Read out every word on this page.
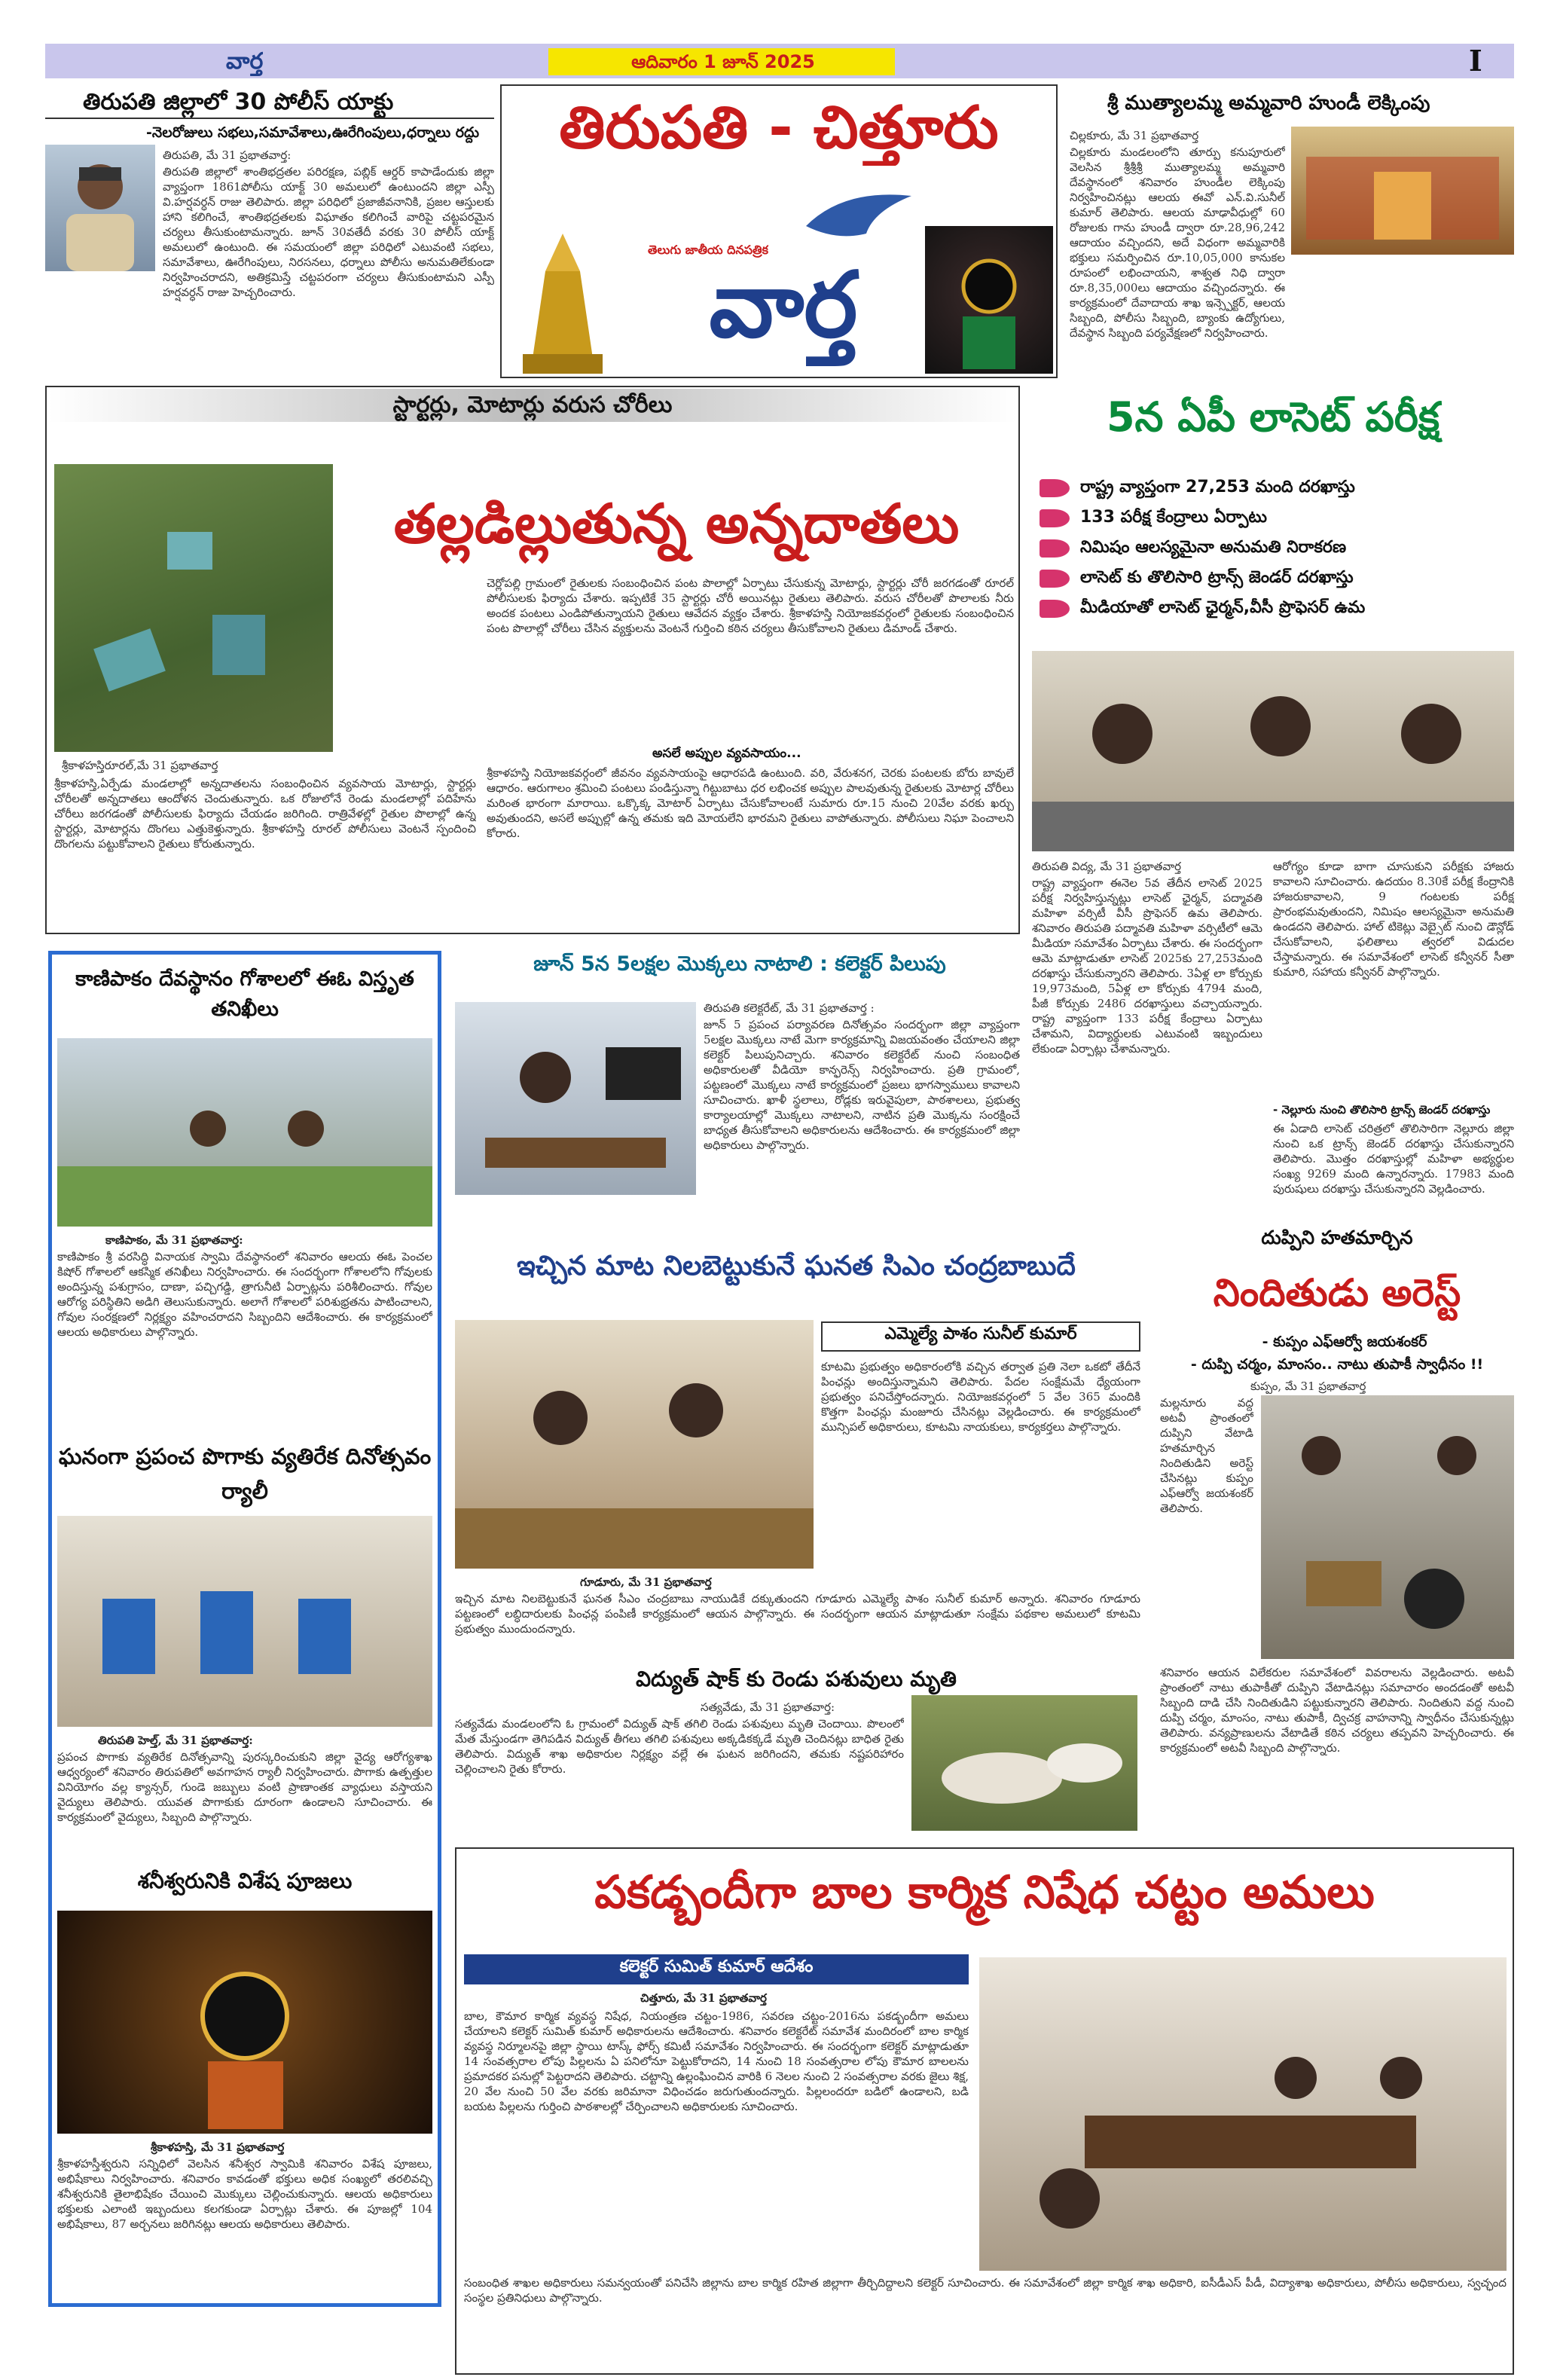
వార్త	ఆదివారం 1 జూన్ 2025	I
తిరుపతి జిల్లాలో 30 పోలీస్ యాక్టు
-నెలరోజులు సభలు,సమావేశాలు,ఊరేగింపులు,ధర్నాలు రద్దు
తిరుపతి, మే 31 ప్రభాతవార్త:
తిరుపతి జిల్లాలో శాంతిభద్రతల పరిరక్షణ, పబ్లిక్ ఆర్డర్ కాపాడేందుకు జిల్లా వ్యాప్తంగా 1861పోలీసు యాక్ట్ 30 అమలులో ఉంటుందని జిల్లా ఎస్పీ వి.హర్షవర్ధన్ రాజు తెలిపారు. జిల్లా పరిధిలో ప్రజాజీవనానికి, ప్రజల ఆస్తులకు హాని కలిగించే, శాంతిభద్రతలకు విఘాతం కలిగించే వారిపై చట్టపరమైన చర్యలు తీసుకుంటామన్నారు. జూన్ 30వతేదీ వరకు 30 పోలీస్ యాక్ట్ అమలులో ఉంటుంది. ఈ సమయంలో జిల్లా పరిధిలో ఎటువంటి సభలు, సమావేశాలు, ఊరేగింపులు, నిరసనలు, ధర్నాలు పోలీసు అనుమతిలేకుండా నిర్వహించరాదని, అతిక్రమిస్తే చట్టపరంగా చర్యలు తీసుకుంటామని ఎస్పీ హర్షవర్ధన్ రాజు హెచ్చరించారు.
తిరుపతి - చిత్తూరు
తెలుగు జాతీయ దినపత్రిక
వార్త
శ్రీ ముత్యాలమ్మ అమ్మవారి హుండీ లెక్కింపు
చిల్లకూరు, మే 31 ప్రభాతవార్త
చిల్లకూరు మండలంలోని తూర్పు కనుపూరులో వెలసిన శ్రీశ్రీశ్రీ ముత్యాలమ్మ అమ్మవారి దేవస్థానంలో శనివారం హుండీల లెక్కింపు నిర్వహించినట్లు ఆలయ ఈవో ఎన్.వి.సునీల్ కుమార్ తెలిపారు. ఆలయ మాఢావీధుల్లో 60 రోజులకు గాను హుండీ ద్వారా రూ.28,96,242 ఆదాయం వచ్చిందని, అదే విధంగా అమ్మవారికి భక్తులు సమర్పించిన రూ.10,05,000 కానుకల రూపంలో లభించాయని, శాశ్వత నిధి ద్వారా రూ.8,35,000లు ఆదాయం వచ్చిందన్నారు. ఈ కార్యక్రమంలో దేవాదాయ శాఖ ఇన్స్పెక్టర్, ఆలయ సిబ్బంది, పోలీసు సిబ్బంది, బ్యాంకు ఉద్యోగులు, దేవస్థాన సిబ్బంది పర్యవేక్షణలో నిర్వహించారు.
స్టార్టర్లు, మోటార్లు వరుస చోరీలు
తల్లడిల్లుతున్న అన్నదాతలు
చెర్లోపల్లి గ్రామంలో రైతులకు సంబంధించిన పంట పొలాల్లో ఏర్పాటు చేసుకున్న మోటార్లు, స్టార్టర్లు చోరీ జరగడంతో రూరల్ పోలీసులకు ఫిర్యాదు చేశారు. ఇప్పటికే 35 స్టార్టర్లు చోరీ అయినట్లు రైతులు తెలిపారు. వరుస చోరీలతో పొలాలకు నీరు అందక పంటలు ఎండిపోతున్నాయని రైతులు ఆవేదన వ్యక్తం చేశారు. శ్రీకాళహస్తి నియోజకవర్గంలో రైతులకు సంబంధించిన పంట పొలాల్లో చోరీలు చేసిన వ్యక్తులను వెంటనే గుర్తించి కఠిన చర్యలు తీసుకోవాలని రైతులు డిమాండ్ చేశారు.
శ్రీకాళహస్తిరూరల్,మే 31 ప్రభాతవార్త
శ్రీకాళహస్తి,ఏర్పేడు మండలాల్లో అన్నదాతలను సంబంధించిన వ్యవసాయ మోటార్లు, స్టార్టర్లు చోరీలతో అన్నదాతలు ఆందోళన చెందుతున్నారు. ఒక రోజులోనే రెండు మండలాల్లో పదిహేను చోరీలు జరగడంతో పోలీసులకు ఫిర్యాదు చేయడం జరిగింది. రాత్రివేళల్లో రైతుల పొలాల్లో ఉన్న స్టార్టర్లు, మోటార్లను దొంగలు ఎత్తుకెళ్తున్నారు. శ్రీకాళహస్తి రూరల్ పోలీసులు వెంటనే స్పందించి దొంగలను పట్టుకోవాలని రైతులు కోరుతున్నారు.
అసలే అప్పుల వ్యవసాయం...
శ్రీకాళహస్తి నియోజకవర్గంలో జీవనం వ్యవసాయంపై ఆధారపడి ఉంటుంది. వరి, వేరుశనగ, చెరకు పంటలకు బోరు బావులే ఆధారం. ఆరుగాలం శ్రమించి పంటలు పండిస్తున్నా గిట్టుబాటు ధర లభించక అప్పుల పాలవుతున్న రైతులకు మోటార్ల చోరీలు మరింత భారంగా మారాయి. ఒక్కొక్క మోటార్ ఏర్పాటు చేసుకోవాలంటే సుమారు రూ.15 నుంచి 20వేల వరకు ఖర్చు అవుతుందని, అసలే అప్పుల్లో ఉన్న తమకు ఇది మోయలేని భారమని రైతులు వాపోతున్నారు. పోలీసులు నిఘా పెంచాలని కోరారు.
5న ఏపీ లాసెట్ పరీక్ష
రాష్ట్ర వ్యాప్తంగా 27,253 మంది దరఖాస్తు
133 పరీక్ష కేంద్రాలు ఏర్పాటు
నిమిషం ఆలస్యమైనా అనుమతి నిరాకరణ
లాసెట్ కు తొలిసారి ట్రాన్స్ జెండర్ దరఖాస్తు
మీడియాతో లాసెట్ ఛైర్మన్,వీసీ ప్రొఫెసర్ ఉమ
తిరుపతి విద్య, మే 31 ప్రభాతవార్త
రాష్ట్ర వ్యాప్తంగా ఈనెల 5వ తేదీన లాసెట్ 2025 పరీక్ష నిర్వహిస్తున్నట్లు లాసెట్ ఛైర్మన్, పద్మావతి మహిళా వర్సిటీ వీసీ ప్రొఫెసర్ ఉమ తెలిపారు. శనివారం తిరుపతి పద్మావతి మహిళా వర్సిటీలో ఆమె మీడియా సమావేశం ఏర్పాటు చేశారు. ఈ సందర్భంగా ఆమె మాట్లాడుతూ లాసెట్ 2025కు 27,253మంది దరఖాస్తు చేసుకున్నారని తెలిపారు. 3ఏళ్ల లా కోర్సుకు 19,973మంది, 5ఏళ్ల లా కోర్సుకు 4794 మంది, పీజీ కోర్సుకు 2486 దరఖాస్తులు వచ్చాయన్నారు. రాష్ట్ర వ్యాప్తంగా 133 పరీక్ష కేంద్రాలు ఏర్పాటు చేశామని, విద్యార్థులకు ఎటువంటి ఇబ్బందులు లేకుండా ఏర్పాట్లు చేశామన్నారు.
ఆరోగ్యం కూడా బాగా చూసుకుని పరీక్షకు హాజరు కావాలని సూచించారు. ఉదయం 8.30కే పరీక్ష కేంద్రానికి హాజరుకావాలని, 9 గంటలకు పరీక్ష ప్రారంభమవుతుందని, నిమిషం ఆలస్యమైనా అనుమతి ఉండదని తెలిపారు. హాల్ టికెట్లు వెబ్సైట్ నుంచి డౌన్లోడ్ చేసుకోవాలని, ఫలితాలు త్వరలో విడుదల చేస్తామన్నారు. ఈ సమావేశంలో లాసెట్ కన్వీనర్ సీతా కుమారి, సహాయ కన్వీనర్ పాల్గొన్నారు.
- నెల్లూరు నుంచి తొలిసారి ట్రాన్స్ జెండర్ దరఖాస్తు
ఈ ఏడాది లాసెట్ చరిత్రలో తొలిసారిగా నెల్లూరు జిల్లా నుంచి ఒక ట్రాన్స్ జెండర్ దరఖాస్తు చేసుకున్నారని తెలిపారు. మొత్తం దరఖాస్తుల్లో మహిళా అభ్యర్థుల సంఖ్య 9269 మంది ఉన్నారన్నారు. 17983 మంది పురుషులు దరఖాస్తు చేసుకున్నారని వెల్లడించారు.
కాణిపాకం దేవస్థానం గోశాలలో ఈఓ విస్తృత తనిఖీలు
కాణిపాకం, మే 31 ప్రభాతవార్త:
కాణిపాకం శ్రీ వరసిద్ధి వినాయక స్వామి దేవస్థానంలో శనివారం ఆలయ ఈఓ పెంచల కిషోర్ గోశాలలో ఆకస్మిక తనిఖీలు నిర్వహించారు. ఈ సందర్భంగా గోశాలలోని గోవులకు అందిస్తున్న పశుగ్రాసం, దాణా, పచ్చిగడ్డి, త్రాగునీటి ఏర్పాట్లను పరిశీలించారు. గోవుల ఆరోగ్య పరిస్థితిని అడిగి తెలుసుకున్నారు. అలాగే గోశాలలో పరిశుభ్రతను పాటించాలని, గోవుల సంరక్షణలో నిర్లక్ష్యం వహించరాదని సిబ్బందిని ఆదేశించారు. ఈ కార్యక్రమంలో ఆలయ అధికారులు పాల్గొన్నారు.
ఘనంగా ప్రపంచ పొగాకు వ్యతిరేక దినోత్సవం ర్యాలీ
తిరుపతి హెల్త్, మే 31 ప్రభాతవార్త:
ప్రపంచ పొగాకు వ్యతిరేక దినోత్సవాన్ని పురస్కరించుకుని జిల్లా వైద్య ఆరోగ్యశాఖ ఆధ్వర్యంలో శనివారం తిరుపతిలో అవగాహన ర్యాలీ నిర్వహించారు. పొగాకు ఉత్పత్తుల వినియోగం వల్ల క్యాన్సర్, గుండె జబ్బులు వంటి ప్రాణాంతక వ్యాధులు వస్తాయని వైద్యులు తెలిపారు. యువత పొగాకుకు దూరంగా ఉండాలని సూచించారు. ఈ కార్యక్రమంలో వైద్యులు, సిబ్బంది పాల్గొన్నారు.
శనీశ్వరునికి విశేష పూజలు
శ్రీకాళహస్తి, మే 31 ప్రభాతవార్త
శ్రీకాళహస్తీశ్వరుని సన్నిధిలో వెలసిన శనీశ్వర స్వామికి శనివారం విశేష పూజలు, అభిషేకాలు నిర్వహించారు. శనివారం కావడంతో భక్తులు అధిక సంఖ్యలో తరలివచ్చి శనీశ్వరునికి తైలాభిషేకం చేయించి మొక్కులు చెల్లించుకున్నారు. ఆలయ అధికారులు భక్తులకు ఎలాంటి ఇబ్బందులు కలగకుండా ఏర్పాట్లు చేశారు. ఈ పూజల్లో 104 అభిషేకాలు, 87 అర్చనలు జరిగినట్లు ఆలయ అధికారులు తెలిపారు.
జూన్ 5న 5లక్షల మొక్కలు నాటాలి : కలెక్టర్ పిలుపు
తిరుపతి కలెక్టరేట్, మే 31 ప్రభాతవార్త :
జూన్ 5 ప్రపంచ పర్యావరణ దినోత్సవం సందర్భంగా జిల్లా వ్యాప్తంగా 5లక్షల మొక్కలు నాటే మెగా కార్యక్రమాన్ని విజయవంతం చేయాలని జిల్లా కలెక్టర్ పిలుపునిచ్చారు. శనివారం కలెక్టరేట్ నుంచి సంబంధిత అధికారులతో వీడియో కాన్ఫరెన్స్ నిర్వహించారు. ప్రతి గ్రామంలో, పట్టణంలో మొక్కలు నాటే కార్యక్రమంలో ప్రజలు భాగస్వాములు కావాలని సూచించారు. ఖాళీ స్థలాలు, రోడ్లకు ఇరువైపులా, పాఠశాలలు, ప్రభుత్వ కార్యాలయాల్లో మొక్కలు నాటాలని, నాటిన ప్రతి మొక్కను సంరక్షించే బాధ్యత తీసుకోవాలని అధికారులను ఆదేశించారు. ఈ కార్యక్రమంలో జిల్లా అధికారులు పాల్గొన్నారు.
ఇచ్చిన మాట నిలబెట్టుకునే ఘనత సిఎం చంద్రబాబుదే
ఎమ్మెల్యే పాశం సునీల్ కుమార్
కూటమి ప్రభుత్వం అధికారంలోకి వచ్చిన తర్వాత ప్రతి నెలా ఒకటో తేదీనే పింఛన్లు అందిస్తున్నామని తెలిపారు. పేదల సంక్షేమమే ధ్యేయంగా ప్రభుత్వం పనిచేస్తోందన్నారు. నియోజకవర్గంలో 5 వేల 365 మందికి కొత్తగా పింఛన్లు మంజూరు చేసినట్లు వెల్లడించారు. ఈ కార్యక్రమంలో మున్సిపల్ అధికారులు, కూటమి నాయకులు, కార్యకర్తలు పాల్గొన్నారు.
గూడూరు, మే 31 ప్రభాతవార్త
ఇచ్చిన మాట నిలబెట్టుకునే ఘనత సీఎం చంద్రబాబు నాయుడికే దక్కుతుందని గూడూరు ఎమ్మెల్యే పాశం సునీల్ కుమార్ అన్నారు. శనివారం గూడూరు పట్టణంలో లబ్ధిదారులకు పింఛన్ల పంపిణీ కార్యక్రమంలో ఆయన పాల్గొన్నారు. ఈ సందర్భంగా ఆయన మాట్లాడుతూ సంక్షేమ పథకాల అమలులో కూటమి ప్రభుత్వం ముందుందన్నారు.
విద్యుత్ షాక్ కు రెండు పశువులు మృతి
సత్యవేడు, మే 31 ప్రభాతవార్త:
సత్యవేడు మండలంలోని ఓ గ్రామంలో విద్యుత్ షాక్ తగిలి రెండు పశువులు మృతి చెందాయి. పొలంలో మేత మేస్తుండగా తెగిపడిన విద్యుత్ తీగలు తగిలి పశువులు అక్కడికక్కడే మృతి చెందినట్లు బాధిత రైతు తెలిపారు. విద్యుత్ శాఖ అధికారుల నిర్లక్ష్యం వల్లే ఈ ఘటన జరిగిందని, తమకు నష్టపరిహారం చెల్లించాలని రైతు కోరారు.
దుప్పిని హతమార్చిన
నిందితుడు అరెస్ట్
- కుప్పం ఎఫ్ఆర్వో జయశంకర్
- దుప్పి చర్మం, మాంసం.. నాటు తుపాకీ స్వాధీనం !!
కుప్పం, మే 31 ప్రభాతవార్త
మల్లనూరు వద్ద అటవీ ప్రాంతంలో దుప్పిని వేటాడి హతమార్చిన నిందితుడిని అరెస్ట్ చేసినట్లు కుప్పం ఎఫ్ఆర్వో జయశంకర్ తెలిపారు.
శనివారం ఆయన విలేకరుల సమావేశంలో వివరాలను వెల్లడించారు. అటవీ ప్రాంతంలో నాటు తుపాకీతో దుప్పిని వేటాడినట్లు సమాచారం అందడంతో అటవీ సిబ్బంది దాడి చేసి నిందితుడిని పట్టుకున్నారని తెలిపారు. నిందితుని వద్ద నుంచి దుప్పి చర్మం, మాంసం, నాటు తుపాకీ, ద్విచక్ర వాహనాన్ని స్వాధీనం చేసుకున్నట్లు తెలిపారు. వన్యప్రాణులను వేటాడితే కఠిన చర్యలు తప్పవని హెచ్చరించారు. ఈ కార్యక్రమంలో అటవీ సిబ్బంది పాల్గొన్నారు.
పకడ్బందీగా బాల కార్మిక నిషేధ చట్టం అమలు
కలెక్టర్ సుమిత్ కుమార్ ఆదేశం
చిత్తూరు, మే 31 ప్రభాతవార్త
బాల, కౌమార కార్మిక వ్యవస్థ నిషేధ, నియంత్రణ చట్టం-1986, సవరణ చట్టం-2016ను పకడ్బందీగా అమలు చేయాలని కలెక్టర్ సుమిత్ కుమార్ అధికారులను ఆదేశించారు. శనివారం కలెక్టరేట్ సమావేశ మందిరంలో బాల కార్మిక వ్యవస్థ నిర్మూలనపై జిల్లా స్థాయి టాస్క్ ఫోర్స్ కమిటీ సమావేశం నిర్వహించారు. ఈ సందర్భంగా కలెక్టర్ మాట్లాడుతూ 14 సంవత్సరాల లోపు పిల్లలను ఏ పనిలోనూ పెట్టుకోరాదని, 14 నుంచి 18 సంవత్సరాల లోపు కౌమార బాలలను ప్రమాదకర పనుల్లో పెట్టరాదని తెలిపారు. చట్టాన్ని ఉల్లంఘించిన వారికి 6 నెలల నుంచి 2 సంవత్సరాల వరకు జైలు శిక్ష, 20 వేల నుంచి 50 వేల వరకు జరిమానా విధించడం జరుగుతుందన్నారు. పిల్లలందరూ బడిలో ఉండాలని, బడి బయట పిల్లలను గుర్తించి పాఠశాలల్లో చేర్పించాలని అధికారులకు సూచించారు.
సంబంధిత శాఖల అధికారులు సమన్వయంతో పనిచేసి జిల్లాను బాల కార్మిక రహిత జిల్లాగా తీర్చిదిద్దాలని కలెక్టర్ సూచించారు. ఈ సమావేశంలో జిల్లా కార్మిక శాఖ అధికారి, ఐసీడీఎస్ పీడీ, విద్యాశాఖ అధికారులు, పోలీసు అధికారులు, స్వచ్ఛంద సంస్థల ప్రతినిధులు పాల్గొన్నారు.
